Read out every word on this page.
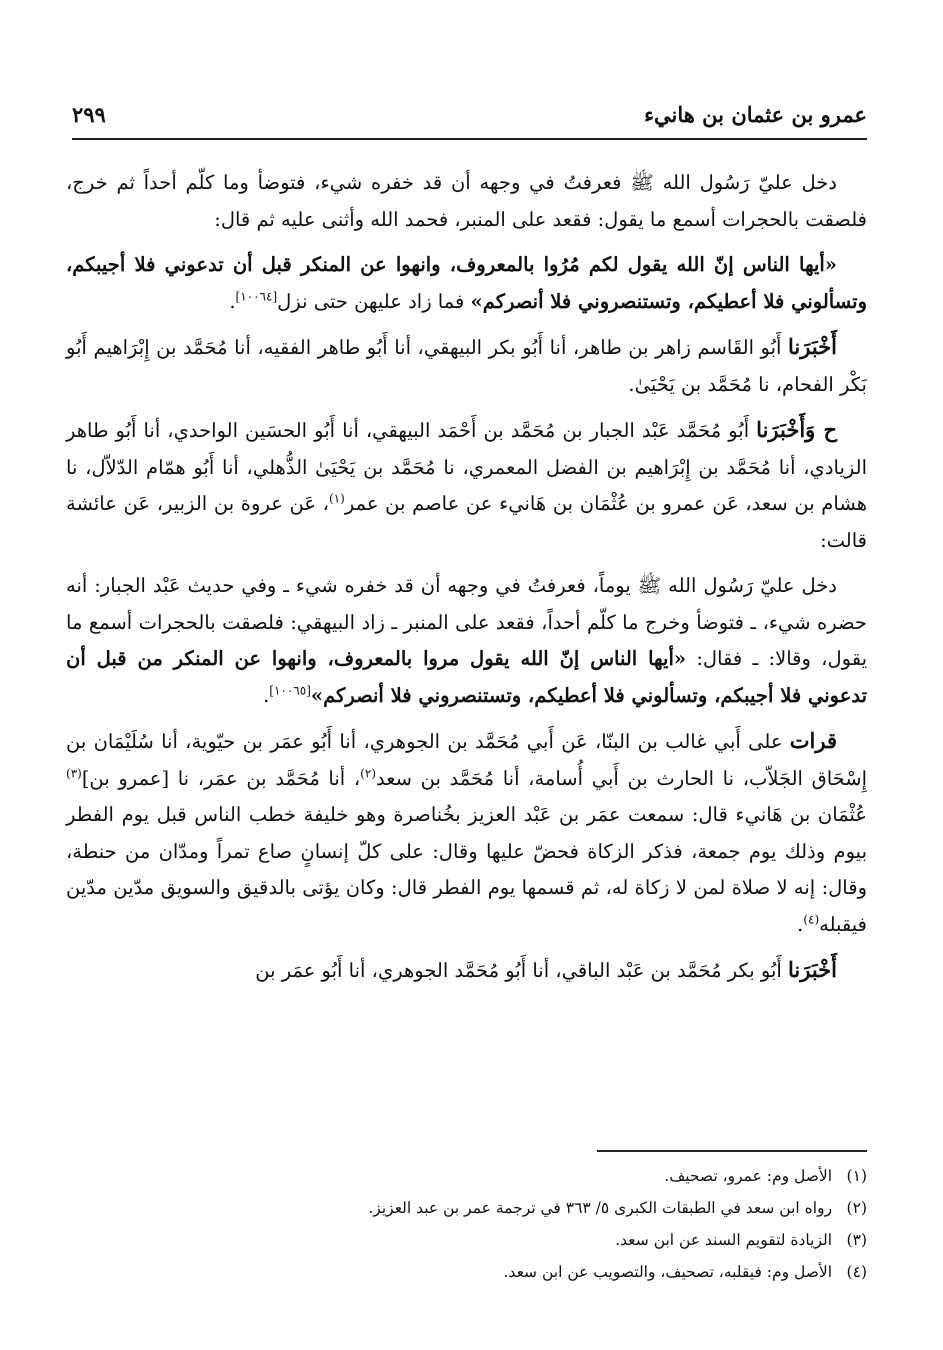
عمرو بن عثمان بن هانيء
٢٩٩

دخل عليّ رَسُول الله ﷺ فعرفتُ في وجهه أن قد خفره شيء، فتوضأ وما كلّم أحداً ثم خرج، فلصقت بالحجرات أسمع ما يقول: فقعد على المنبر، فحمد الله وأثنى عليه ثم قال:

«أيها الناس إنّ الله يقول لكم مُرُوا بالمعروف، وانهوا عن المنكر قبل أن تدعوني فلا أجيبكم، وتسألوني فلا أعطيكم، وتستنصروني فلا أنصركم» فما زاد عليهن حتى نزل[١٠٠٦٤].

أَخْبَرَنا أَبُو القَاسم زاهر بن طاهر، أنا أَبُو بكر البيهقي، أنا أَبُو طاهر الفقيه، أنا مُحَمَّد بن إِبْرَاهيم أَبُو بَكْر الفحام، نا مُحَمَّد بن يَحْيَىٰ.

ح وَأَخْبَرَنا أَبُو مُحَمَّد عَبْد الجبار بن مُحَمَّد بن أَحْمَد البيهقي، أنا أَبُو الحسَين الواحدي، أنا أَبُو طاهر الزيادي، أنا مُحَمَّد بن إِبْرَاهيم بن الفضل المعمري، نا مُحَمَّد بن يَحْيَىٰ الذُّهلي، أنا أَبُو همّام الدّلاّل، نا هشام بن سعد، عَن عمرو بن عُثْمَان بن هَانيء عن عاصم بن عمر$^{(١)}$، عَن عروة بن الزبير، عَن عائشة قالت:

دخل عليّ رَسُول الله ﷺ يوماً، فعرفتُ في وجهه أن قد خفره شيء ـ وفي حديث عَبْد الجبار: أنه حضره شيء، ـ فتوضأ وخرج ما كلّم أحداً، فقعد على المنبر ـ زاد البيهقي: فلصقت بالحجرات أسمع ما يقول، وقالا: ـ فقال: «أيها الناس إنّ الله يقول مروا بالمعروف، وانهوا عن المنكر من قبل أن تدعوني فلا أجيبكم، وتسألوني فلا أعطيكم، وتستنصروني فلا أنصركم»[١٠٠٦٥].

قرات على أَبي غالب بن البنّا، عَن أَبي مُحَمَّد بن الجوهري، أنا أَبُو عمَر بن حيّوية، أنا سُلَيْمَان بن إِسْحَاق الجَلاّب، نا الحارث بن أَبي أُسامة، أنا مُحَمَّد بن سعد$^{(٢)}$، أنا مُحَمَّد بن عمَر، نا [عمرو بن]$^{(٣)}$ عُثْمَان بن هَانيء قال: سمعت عمَر بن عَبْد العزيز بخُناصرة وهو خليفة خطب الناس قبل يوم الفطر بيوم وذلك يوم جمعة، فذكر الزكاة فحضّ عليها وقال: على كلّ إنسانٍ صاع تمراً ومدّان من حنطة، وقال: إنه لا صلاة لمن لا زكاة له، ثم قسمها يوم الفطر قال: وكان يؤتى بالدقيق والسويق مدّين مدّين فيقبله$^{(٤)}$.

أَخْبَرَنا أَبُو بكر مُحَمَّد بن عَبْد الباقي، أنا أَبُو مُحَمَّد الجوهري، أنا أَبُو عمَر بن

(١) الأصل وم: عمرو، تصحيف.
(٢) رواه ابن سعد في الطبقات الكبرى ٥/ ٣٦٣ في ترجمة عمر بن عبد العزيز.
(٣) الزيادة لتقويم السند عن ابن سعد.
(٤) الأصل وم: فيقلبه، تصحيف، والتصويب عن ابن سعد.
